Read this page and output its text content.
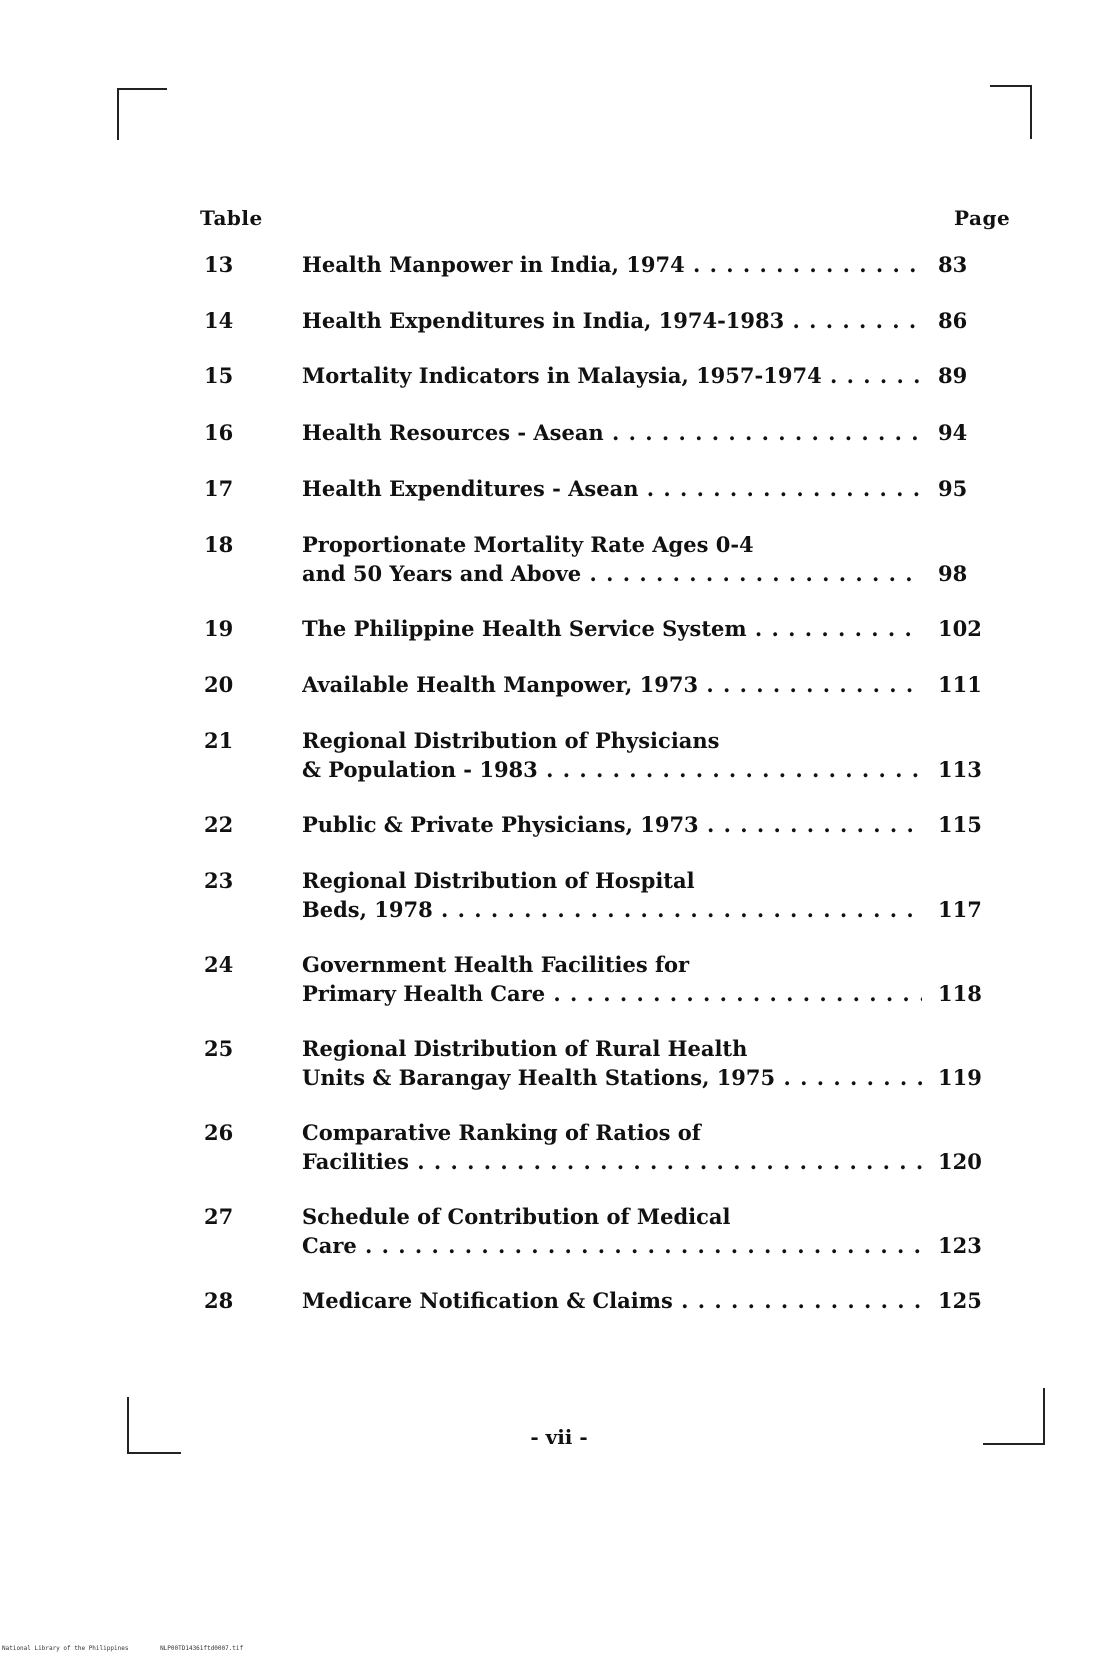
Table	Page
13	Health Manpower in India, 1974 . . .	83
14	Health Expenditures in India, 1974-1983 . . .	86
15	Mortality Indicators in Malaysia, 1957-1974 . . .	89
16	Health Resources - Asean . . .	94
17	Health Expenditures - Asean . . .	95
18	Proportionate Mortality Rate Ages 0-4
and 50 Years and Above . . .	98
19	The Philippine Health Service System . . .	102
20	Available Health Manpower, 1973 . . .	111
21	Regional Distribution of Physicians
& Population - 1983 . . .	113
22	Public & Private Physicians, 1973 . . .	115
23	Regional Distribution of Hospital
Beds, 1978 . . .	117
24	Government Health Facilities for
Primary Health Care . . .	118
25	Regional Distribution of Rural Health
Units & Barangay Health Stations, 1975 . . .	119
26	Comparative Ranking of Ratios of
Facilities . . .	120
27	Schedule of Contribution of Medical
Care . . .	123
28	Medicare Notification & Claims . . .	125
- vii -
National Library of the Philippines	NLP00TD14361ftd0007.tif
